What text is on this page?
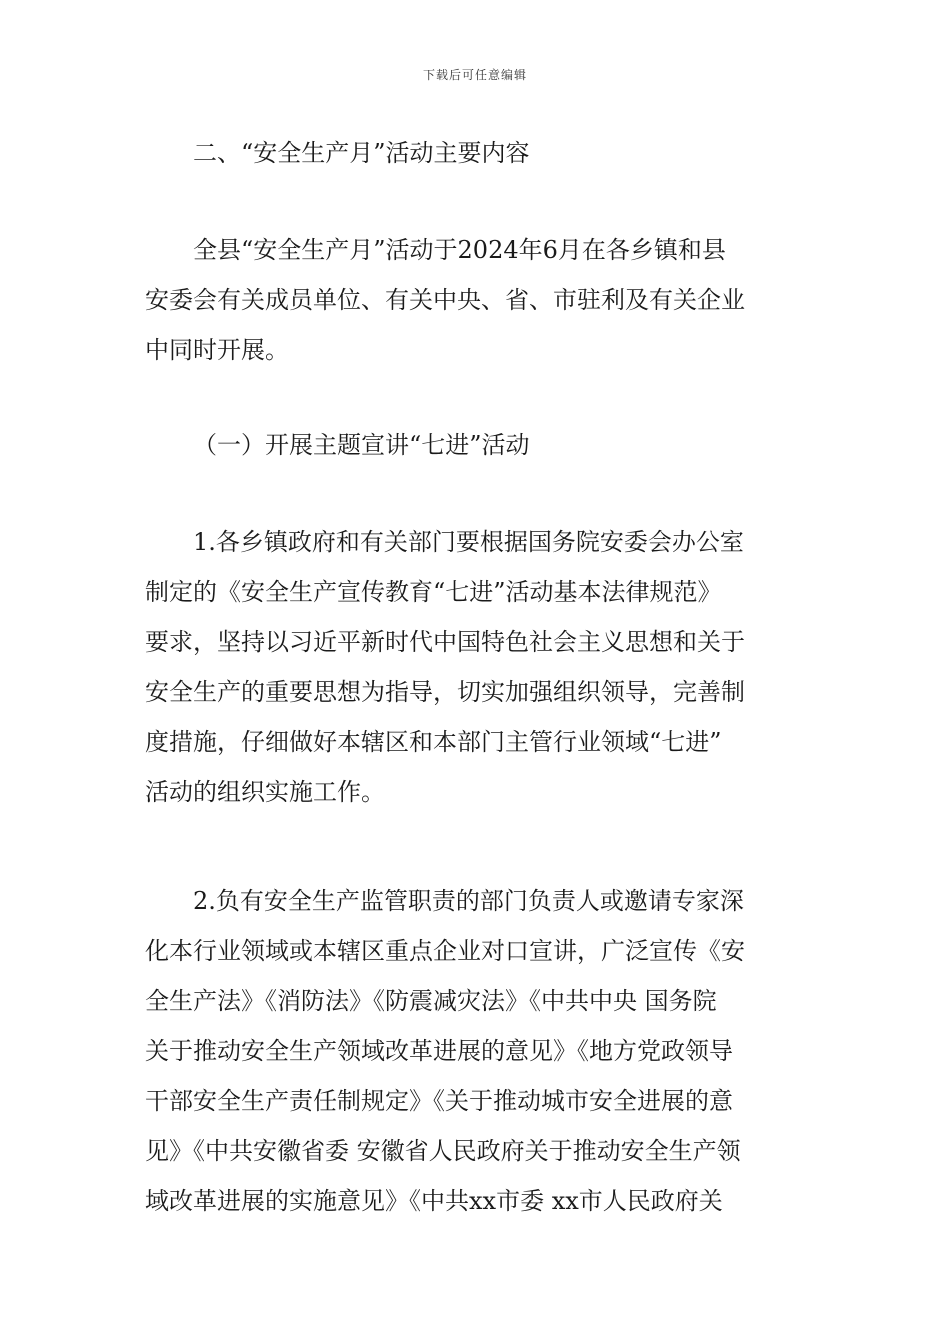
下载后可任意编辑

二、“安全生产月”活动主要内容

全县“安全生产月”活动于2024年6月在各乡镇和县
安委会有关成员单位、有关中央、省、市驻利及有关企业
中同时开展。

（一）开展主题宣讲“七进”活动

1.各乡镇政府和有关部门要根据国务院安委会办公室
制定的《安全生产宣传教育“七进”活动基本法律规范》
要求，坚持以习近平新时代中国特色社会主义思想和关于
安全生产的重要思想为指导，切实加强组织领导，完善制
度措施，仔细做好本辖区和本部门主管行业领域“七进”
活动的组织实施工作。
2.负有安全生产监管职责的部门负责人或邀请专家深
化本行业领域或本辖区重点企业对口宣讲，广泛宣传《安
全生产法》《消防法》《防震减灾法》《中共中央 国务院
关于推动安全生产领域改革进展的意见》《地方党政领导
干部安全生产责任制规定》《关于推动城市安全进展的意
见》《中共安徽省委 安徽省人民政府关于推动安全生产领
域改革进展的实施意见》《中共xx市委 xx市人民政府关
